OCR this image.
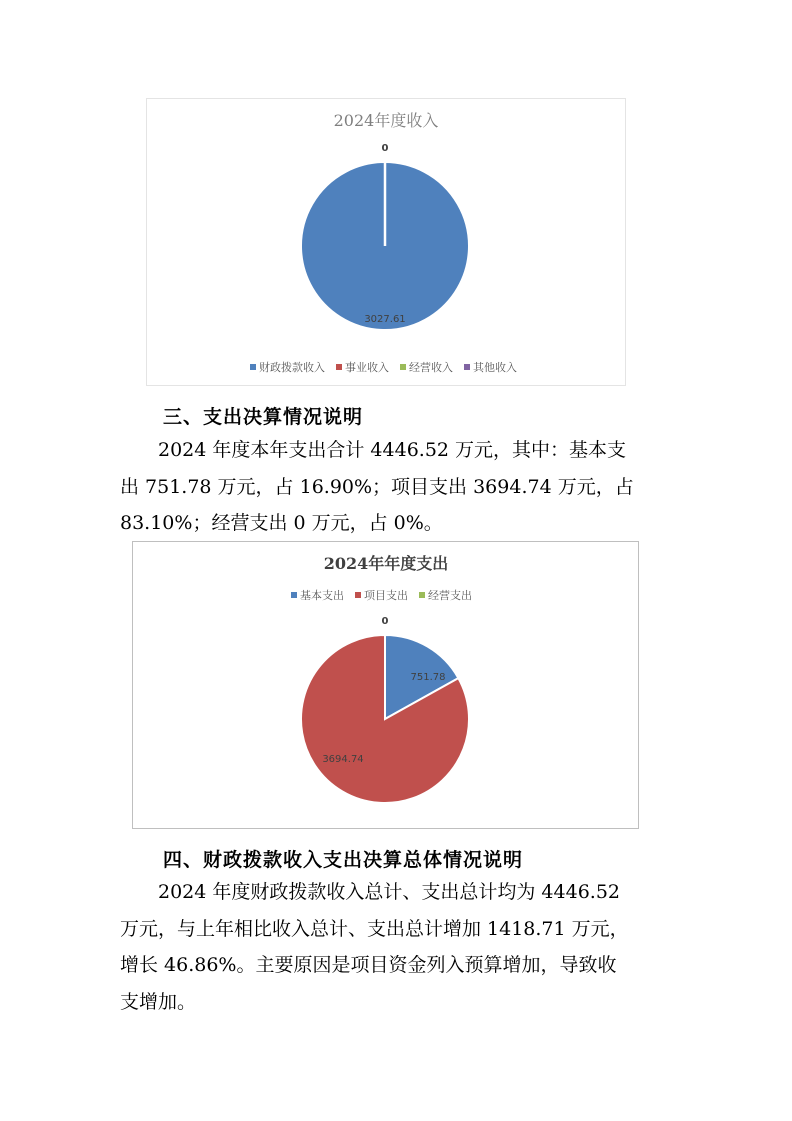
2024年度收入
3027.61
0
财政拨款收入 事业收入 经营收入 其他收入
三、支出决算情况说明
2024 年度本年支出合计 4446.52 万元，其中：基本支
出 751.78 万元，占 16.90%；项目支出 3694.74 万元，占
83.10%；经营支出 0 万元，占 0%。
2024年年度支出
751.78
3694.74
0
基本支出 项目支出 经营支出
四、财政拨款收入支出决算总体情况说明
2024 年度财政拨款收入总计、支出总计均为 4446.52
万元，与上年相比收入总计、支出总计增加 1418.71 万元，
增长 46.86%。主要原因是项目资金列入预算增加，导致收
支增加。
